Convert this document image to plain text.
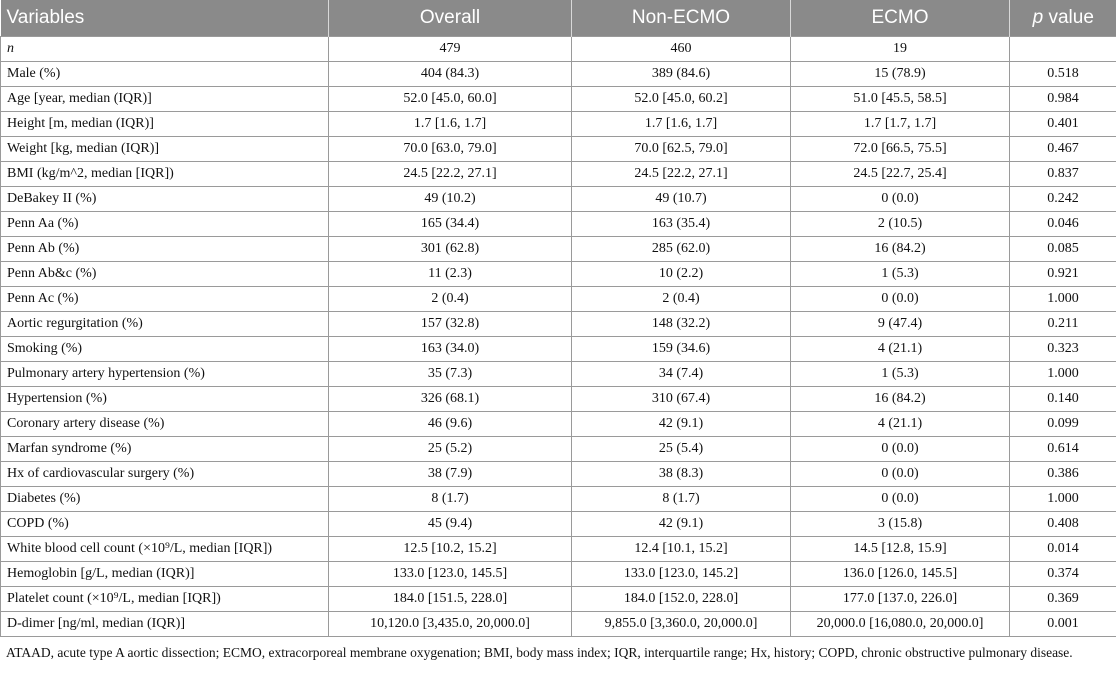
Variables	Overall	Non-ECMO	ECMO	p value
n	479	460	19	
Male (%)	404 (84.3)	389 (84.6)	15 (78.9)	0.518
Age [year, median (IQR)]	52.0 [45.0, 60.0]	52.0 [45.0, 60.2]	51.0 [45.5, 58.5]	0.984
Height [m, median (IQR)]	1.7 [1.6, 1.7]	1.7 [1.6, 1.7]	1.7 [1.7, 1.7]	0.401
Weight [kg, median (IQR)]	70.0 [63.0, 79.0]	70.0 [62.5, 79.0]	72.0 [66.5, 75.5]	0.467
BMI (kg/m^2, median [IQR])	24.5 [22.2, 27.1]	24.5 [22.2, 27.1]	24.5 [22.7, 25.4]	0.837
DeBakey II (%)	49 (10.2)	49 (10.7)	0 (0.0)	0.242
Penn Aa (%)	165 (34.4)	163 (35.4)	2 (10.5)	0.046
Penn Ab (%)	301 (62.8)	285 (62.0)	16 (84.2)	0.085
Penn Ab&c (%)	11 (2.3)	10 (2.2)	1 (5.3)	0.921
Penn Ac (%)	2 (0.4)	2 (0.4)	0 (0.0)	1.000
Aortic regurgitation (%)	157 (32.8)	148 (32.2)	9 (47.4)	0.211
Smoking (%)	163 (34.0)	159 (34.6)	4 (21.1)	0.323
Pulmonary artery hypertension (%)	35 (7.3)	34 (7.4)	1 (5.3)	1.000
Hypertension (%)	326 (68.1)	310 (67.4)	16 (84.2)	0.140
Coronary artery disease (%)	46 (9.6)	42 (9.1)	4 (21.1)	0.099
Marfan syndrome (%)	25 (5.2)	25 (5.4)	0 (0.0)	0.614
Hx of cardiovascular surgery (%)	38 (7.9)	38 (8.3)	0 (0.0)	0.386
Diabetes (%)	8 (1.7)	8 (1.7)	0 (0.0)	1.000
COPD (%)	45 (9.4)	42 (9.1)	3 (15.8)	0.408
White blood cell count (×10⁹/L, median [IQR])	12.5 [10.2, 15.2]	12.4 [10.1, 15.2]	14.5 [12.8, 15.9]	0.014
Hemoglobin [g/L, median (IQR)]	133.0 [123.0, 145.5]	133.0 [123.0, 145.2]	136.0 [126.0, 145.5]	0.374
Platelet count (×10⁹/L, median [IQR])	184.0 [151.5, 228.0]	184.0 [152.0, 228.0]	177.0 [137.0, 226.0]	0.369
D-dimer [ng/ml, median (IQR)]	10,120.0 [3,435.0, 20,000.0]	9,855.0 [3,360.0, 20,000.0]	20,000.0 [16,080.0, 20,000.0]	0.001
ATAAD, acute type A aortic dissection; ECMO, extracorporeal membrane oxygenation; BMI, body mass index; IQR, interquartile range; Hx, history; COPD, chronic obstructive pulmonary disease.
